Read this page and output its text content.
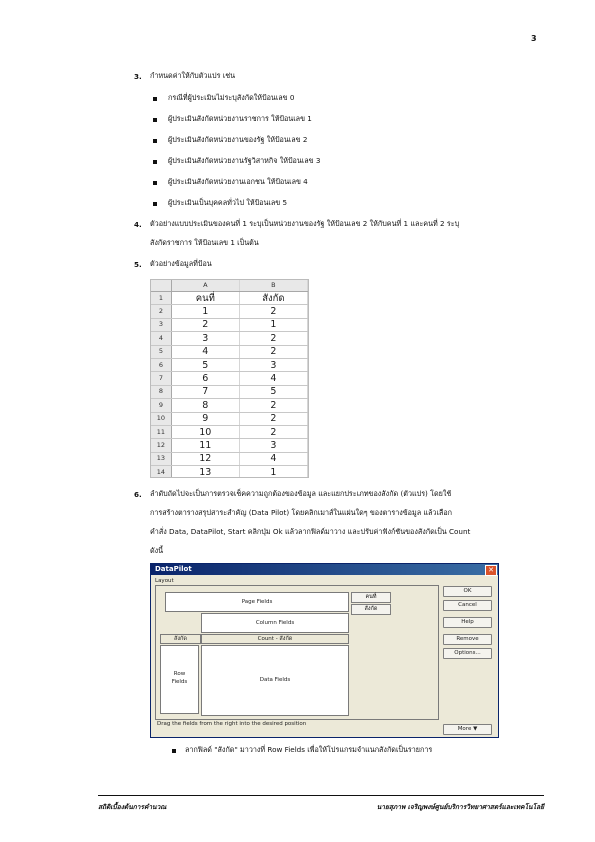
3
3. กำหนดค่าให้กับตัวแปร เช่น
กรณีที่ผู้ประเมินไม่ระบุสังกัดให้ป้อนเลข 0
ผู้ประเมินสังกัดหน่วยงานราชการ ให้ป้อนเลข 1
ผู้ประเมินสังกัดหน่วยงานของรัฐ ให้ป้อนเลข 2
ผู้ประเมินสังกัดหน่วยงานรัฐวิสาหกิจ ให้ป้อนเลข 3
ผู้ประเมินสังกัดหน่วยงานเอกชน ให้ป้อนเลข 4
ผู้ประเมินเป็นบุคคลทั่วไป ให้ป้อนเลข 5
4. ตัวอย่างแบบประเมินของคนที่ 1 ระบุเป็นหน่วยงานของรัฐ ให้ป้อนเลข 2 ให้กับคนที่ 1 และคนที่ 2 ระบุ
สังกัดราชการ ให้ป้อนเลข 1 เป็นต้น
5. ตัวอย่างข้อมูลที่ป้อน
	A	B
1	คนที่	สังกัด
2	1	2
3	2	1
4	3	2
5	4	2
6	5	3
7	6	4
8	7	5
9	8	2
10	9	2
11	10	2
12	11	3
13	12	4
14	13	1
6. ลำดับถัดไปจะเป็นการตรวจเช็คความถูกต้องของข้อมูล และแยกประเภทของสังกัด (ตัวแปร) โดยใช้
การสร้างตารางสรุปสาระสำคัญ (Data Pilot) โดยคลิกเมาส์ในแผ่นใดๆ ของตารางข้อมูล แล้วเลือก
คำสั่ง Data, DataPilot, Start คลิกปุ่ม Ok แล้วลากฟิลด์มาวาง และปรับค่าฟังก์ชันของสังกัดเป็น Count
ดังนี้
DataPilot	✕
Layout
Page Fields
Column Fields
สังกัด	Count - สังกัด
Row
Fields	Data Fields
คนที่
สังกัด
Drag the fields from the right into the desired position
OK
Cancel
Help
Remove
Options...
More ▼
ลากฟิลด์ "สังกัด" มาวางที่ Row Fields เพื่อให้โปรแกรมจำแนกสังกัดเป็นรายการ
สถิติเบื้องต้นการคำนวณ	นายสุภาพ เจริญพงษ์ศูนย์บริการวิทยาศาสตร์และเทคโนโลยี
